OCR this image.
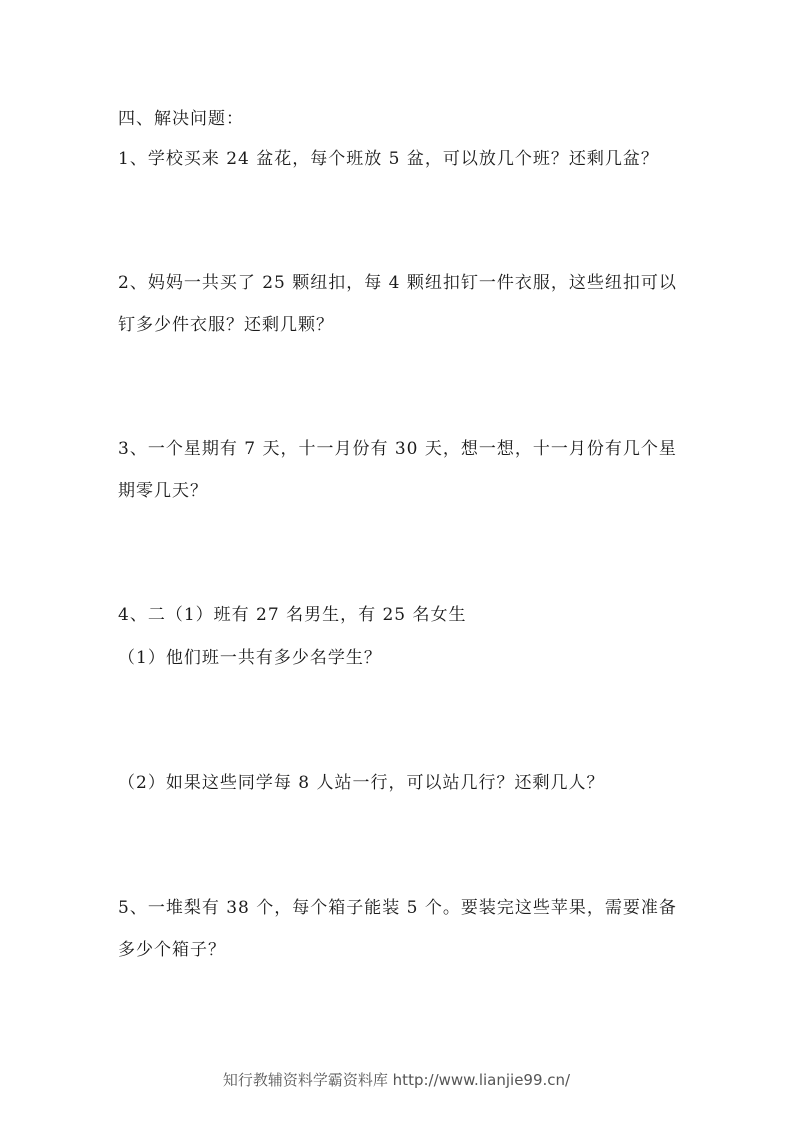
四、解决问题：
1、学校买来 24 盆花，每个班放 5 盆，可以放几个班？还剩几盆？
2、妈妈一共买了 25 颗纽扣，每 4 颗纽扣钉一件衣服，这些纽扣可以
钉多少件衣服？还剩几颗？
3、一个星期有 7 天，十一月份有 30 天，想一想，十一月份有几个星
期零几天？
4、二（1）班有 27 名男生，有 25 名女生
（1）他们班一共有多少名学生？
（2）如果这些同学每 8 人站一行，可以站几行？还剩几人？
5、一堆梨有 38 个，每个箱子能装 5 个。要装完这些苹果，需要准备
多少个箱子？
知行教辅资料学霸资料库 http://www.lianjie99.cn/
